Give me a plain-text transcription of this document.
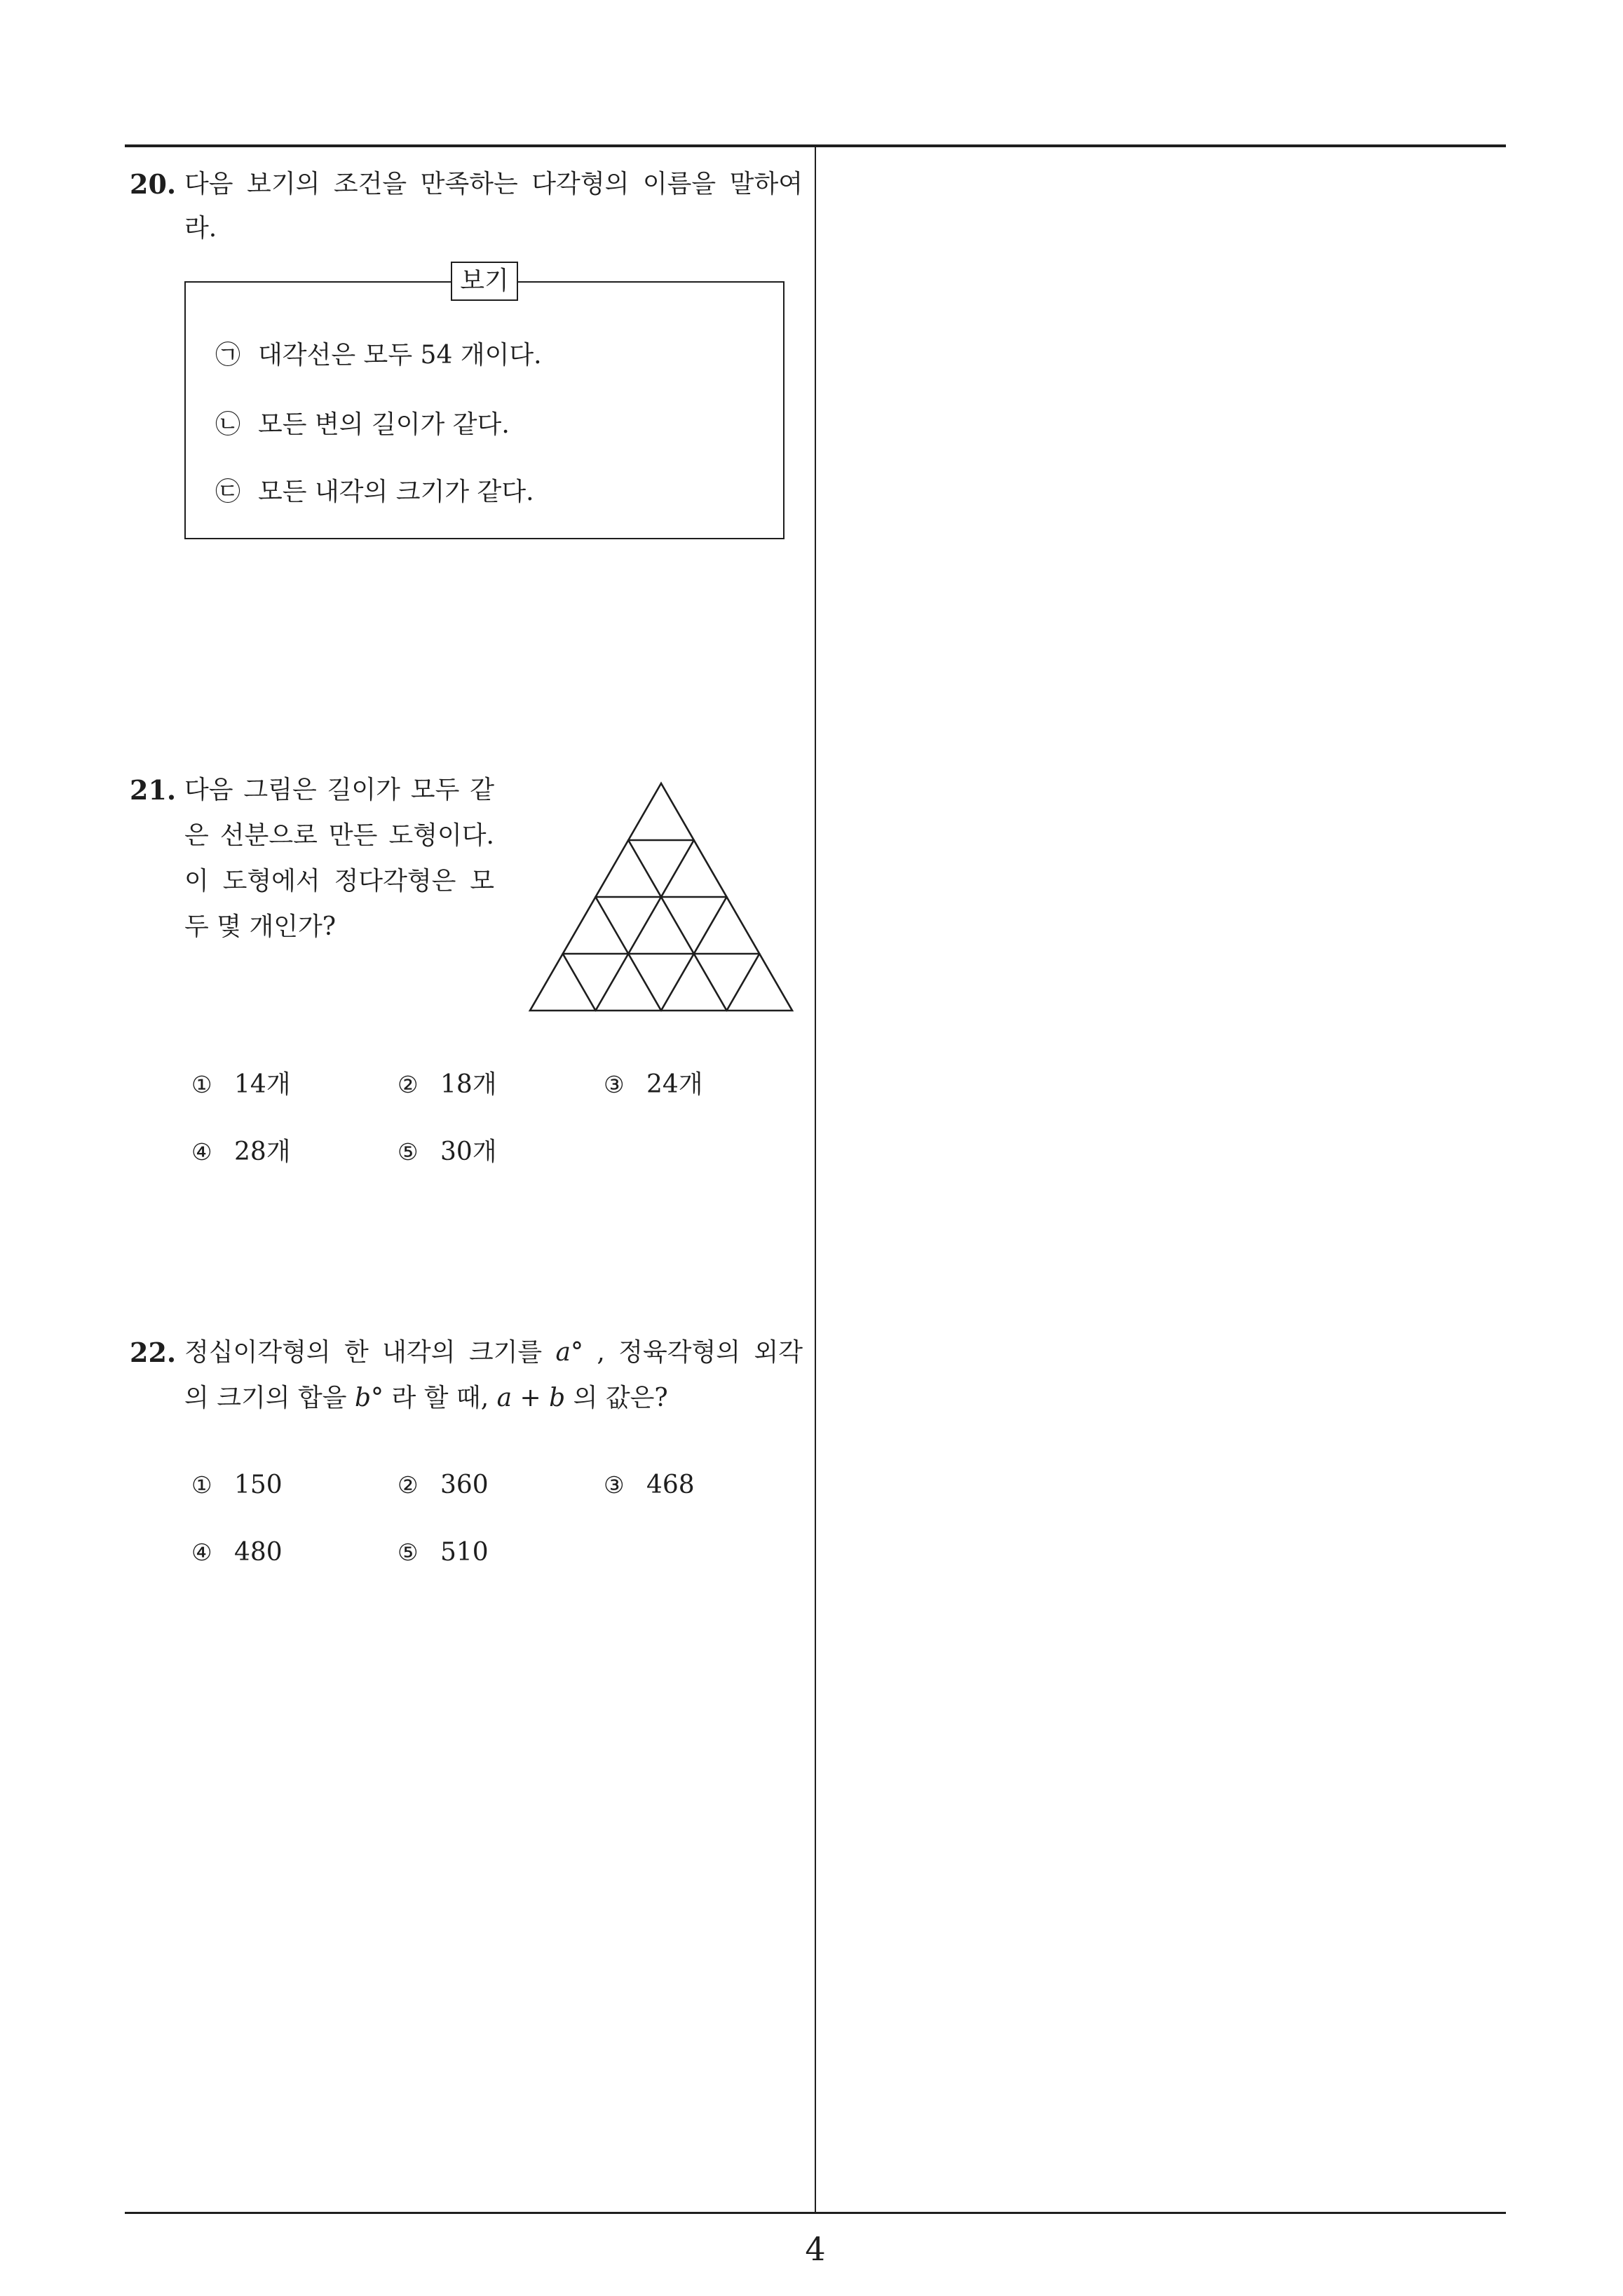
20. 다음 보기의 조건을 만족하는 다각형의 이름을 말하여
라.
보기
㉠ 대각선은 모두 54 개이다.
㉡ 모든 변의 길이가 같다.
㉢ 모든 내각의 크기가 같다.
21. 다음 그림은 길이가 모두 같
은 선분으로 만든 도형이다.
이 도형에서 정다각형은 모
두 몇 개인가?
① 14개	② 18개	③ 24개
④ 28개	⑤ 30개
22. 정십이각형의 한 내각의 크기를 a° , 정육각형의 외각
의 크기의 합을 b° 라 할 때, a + b 의 값은?
① 150	② 360	③ 468
④ 480	⑤ 510
4
